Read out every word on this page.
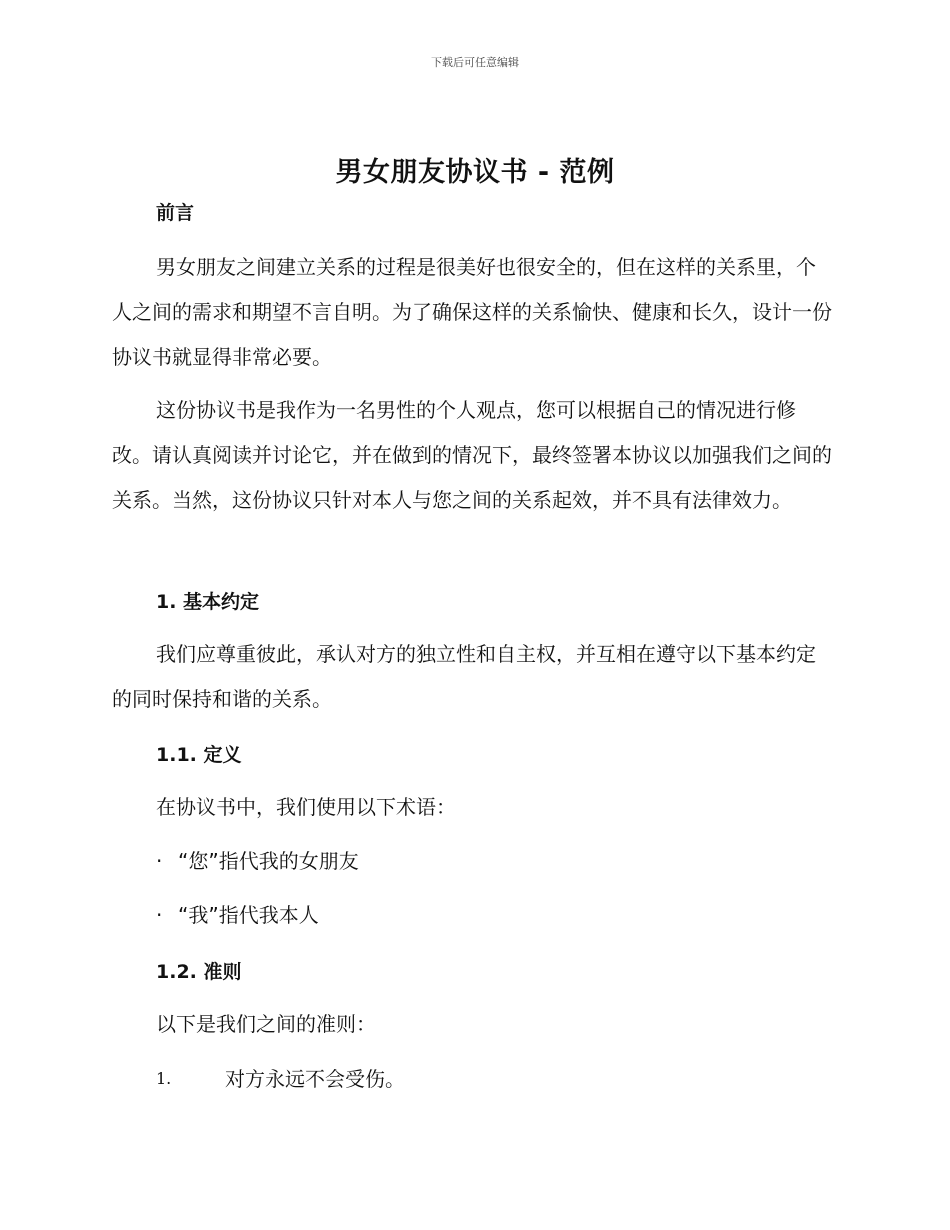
下载后可任意编辑
男女朋友协议书 - 范例
前言

男女朋友之间建立关系的过程是很美好也很安全的，但在这样的关系里，个人之间的需求和期望不言自明。为了确保这样的关系愉快、健康和长久，设计一份协议书就显得非常必要。

这份协议书是我作为一名男性的个人观点，您可以根据自己的情况进行修改。请认真阅读并讨论它，并在做到的情况下，最终签署本协议以加强我们之间的关系。当然，这份协议只针对本人与您之间的关系起效，并不具有法律效力。

1. 基本约定

我们应尊重彼此，承认对方的独立性和自主权，并互相在遵守以下基本约定的同时保持和谐的关系。

1.1. 定义
在协议书中，我们使用以下术语：
· “您”指代我的女朋友
· “我”指代我本人
1.2. 准则
以下是我们之间的准则：
1.	对方永远不会受伤。
